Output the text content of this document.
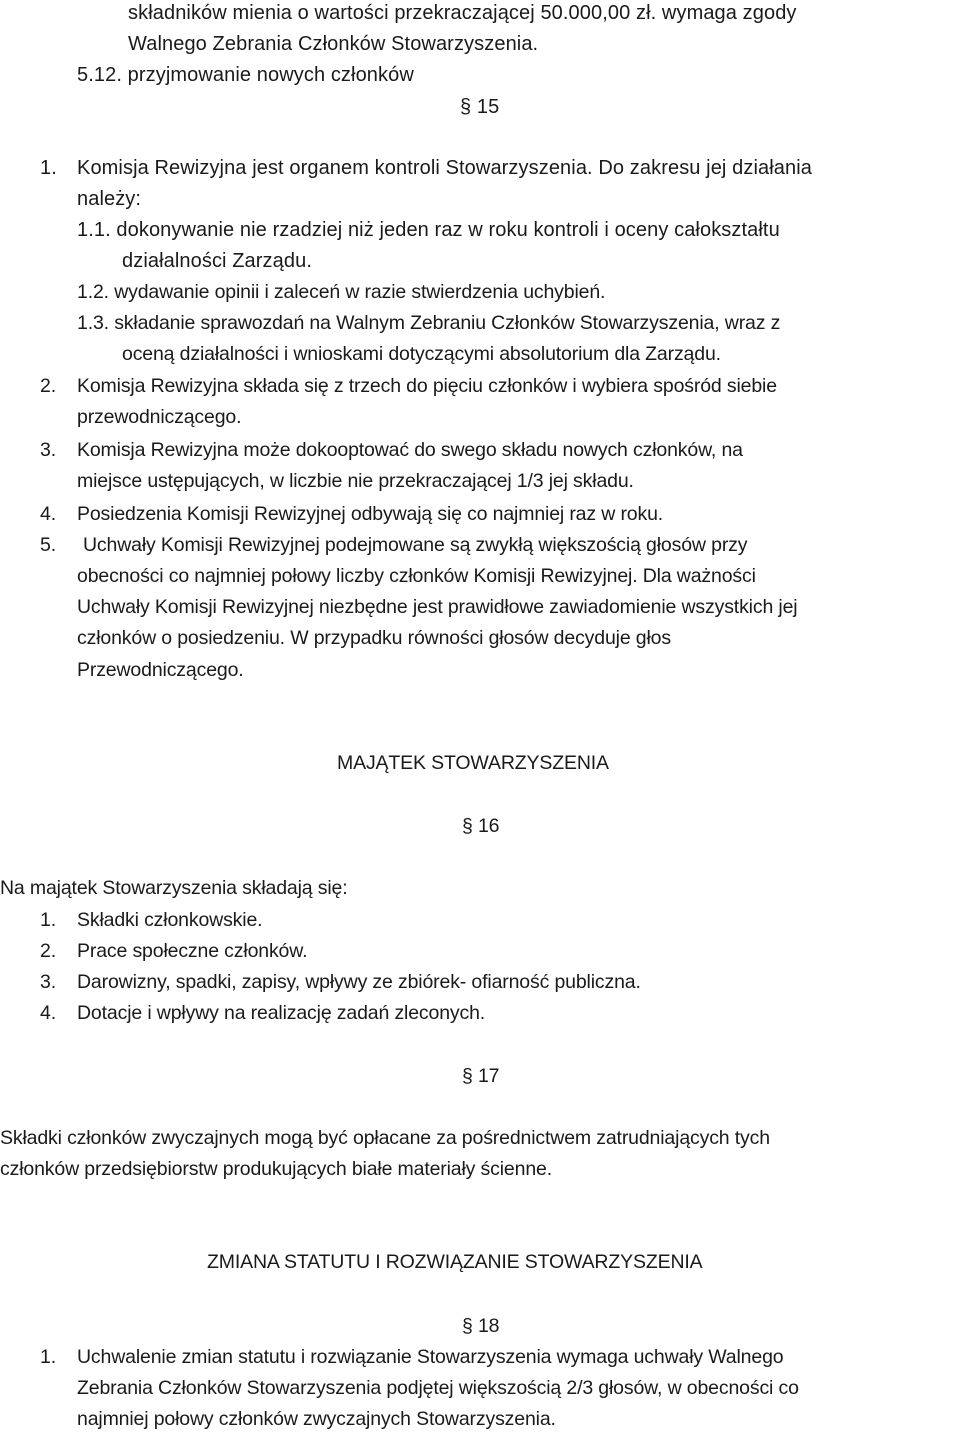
składników mienia o wartości przekraczającej 50.000,00 zł. wymaga zgody
Walnego Zebrania Członków Stowarzyszenia.
5.12. przyjmowanie nowych członków
§ 15
1. Komisja Rewizyjna jest organem kontroli Stowarzyszenia. Do zakresu jej działania
należy:
1.1. dokonywanie nie rzadziej niż jeden raz w roku kontroli i oceny całokształtu
działalności Zarządu.
1.2. wydawanie opinii i zaleceń w razie stwierdzenia uchybień.
1.3. składanie sprawozdań na Walnym Zebraniu Członków Stowarzyszenia, wraz z
oceną działalności i wnioskami dotyczącymi absolutorium dla Zarządu.
2. Komisja Rewizyjna składa się z trzech do pięciu członków i wybiera spośród siebie
przewodniczącego.
3. Komisja Rewizyjna może dokooptować do swego składu nowych członków, na
miejsce ustępujących, w liczbie nie przekraczającej 1/3 jej składu.
4. Posiedzenia Komisji Rewizyjnej odbywają się co najmniej raz w roku.
5. Uchwały Komisji Rewizyjnej podejmowane są zwykłą większością głosów przy
obecności co najmniej połowy liczby członków Komisji Rewizyjnej. Dla ważności
Uchwały Komisji Rewizyjnej niezbędne jest prawidłowe zawiadomienie wszystkich jej
członków o posiedzeniu. W przypadku równości głosów decyduje głos
Przewodniczącego.
MAJĄTEK STOWARZYSZENIA
§ 16
Na majątek Stowarzyszenia składają się:
1. Składki członkowskie.
2. Prace społeczne członków.
3. Darowizny, spadki, zapisy, wpływy ze zbiórek- ofiarność publiczna.
4. Dotacje i wpływy na realizację zadań zleconych.
§ 17
Składki członków zwyczajnych mogą być opłacane za pośrednictwem zatrudniających tych
członków przedsiębiorstw produkujących białe materiały ścienne.
ZMIANA STATUTU I ROZWIĄZANIE STOWARZYSZENIA
§ 18
1. Uchwalenie zmian statutu i rozwiązanie Stowarzyszenia wymaga uchwały Walnego
Zebrania Członków Stowarzyszenia podjętej większością 2/3 głosów, w obecności co
najmniej połowy członków zwyczajnych Stowarzyszenia.
